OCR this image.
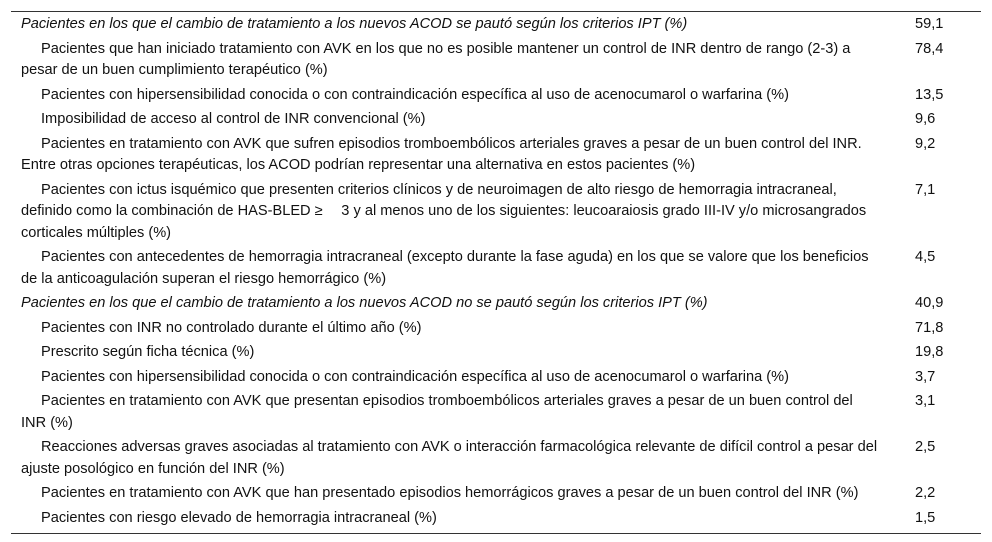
Pacientes en los que el cambio de tratamiento a los nuevos ACOD se pautó según los criterios IPT (%)	59,1
Pacientes que han iniciado tratamiento con AVK en los que no es posible mantener un control de INR dentro de rango (2-3) a pesar de un buen cumplimiento terapéutico (%)	78,4
Pacientes con hipersensibilidad conocida o con contraindicación específica al uso de acenocumarol o warfarina (%)	13,5
Imposibilidad de acceso al control de INR convencional (%)	9,6
Pacientes en tratamiento con AVK que sufren episodios tromboembólicos arteriales graves a pesar de un buen control del INR. Entre otras opciones terapéuticas, los ACOD podrían representar una alternativa en estos pacientes (%)	9,2
Pacientes con ictus isquémico que presenten criterios clínicos y de neuroimagen de alto riesgo de hemorragia intracraneal, definido como la combinación de HAS-BLED ≥  3 y al menos uno de los siguientes: leucoaraiosis grado III-IV y/o microsangrados corticales múltiples (%)	7,1
Pacientes con antecedentes de hemorragia intracraneal (excepto durante la fase aguda) en los que se valore que los beneficios de la anticoagulación superan el riesgo hemorrágico (%)	4,5
Pacientes en los que el cambio de tratamiento a los nuevos ACOD no se pautó según los criterios IPT (%)	40,9
Pacientes con INR no controlado durante el último año (%)	71,8
Prescrito según ficha técnica (%)	19,8
Pacientes con hipersensibilidad conocida o con contraindicación específica al uso de acenocumarol o warfarina (%)	3,7
Pacientes en tratamiento con AVK que presentan episodios tromboembólicos arteriales graves a pesar de un buen control del INR (%)	3,1
Reacciones adversas graves asociadas al tratamiento con AVK o interacción farmacológica relevante de difícil control a pesar del ajuste posológico en función del INR (%)	2,5
Pacientes en tratamiento con AVK que han presentado episodios hemorrágicos graves a pesar de un buen control del INR (%)	2,2
Pacientes con riesgo elevado de hemorragia intracraneal (%)	1,5
